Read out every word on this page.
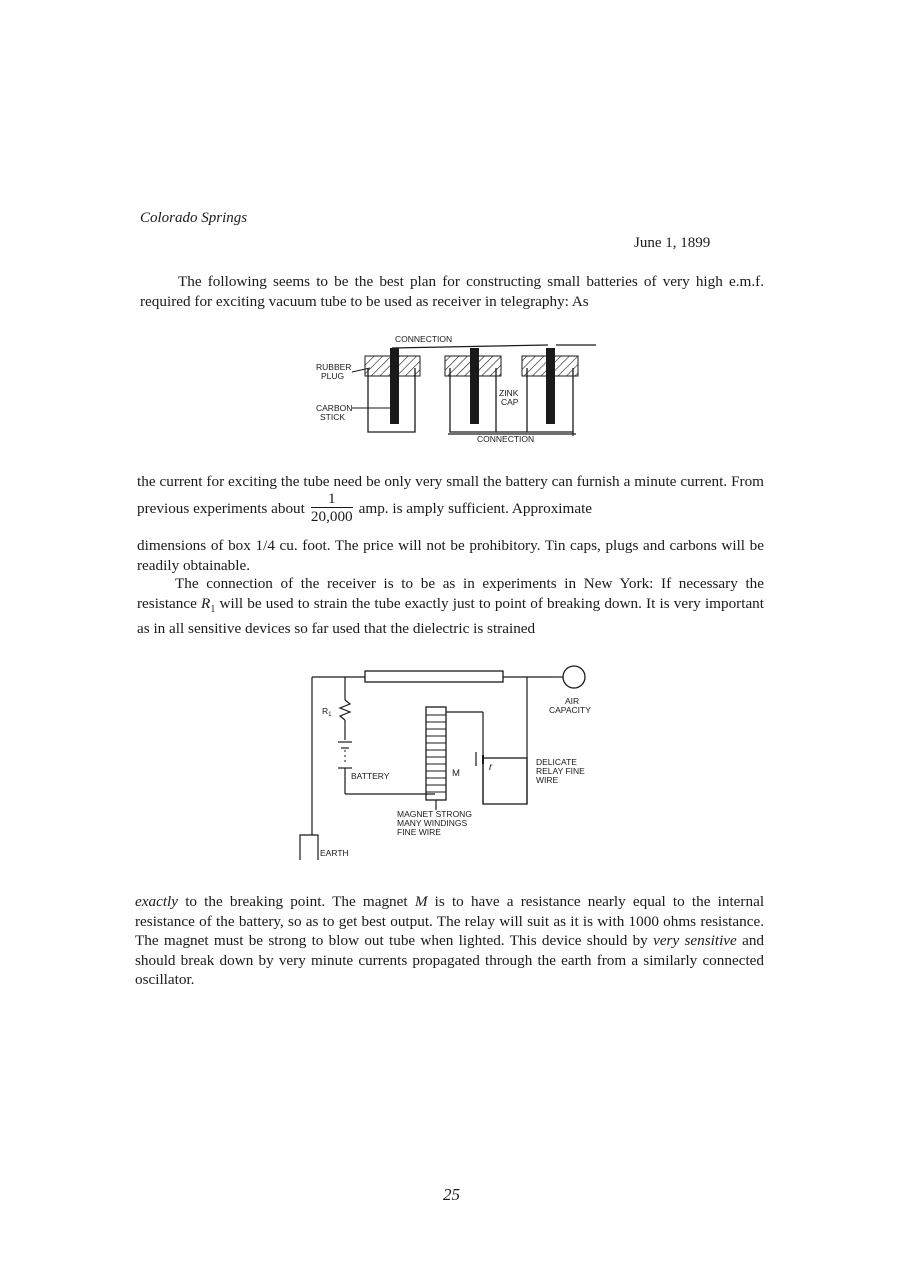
Colorado Springs
June 1, 1899
The following seems to be the best plan for constructing small batteries of very high e.m.f. required for exciting vacuum tube to be used as receiver in telegraphy: As
CONNECTION
RUBBER
PLUG
CARBON
STICK
ZINK
CAP
CONNECTION
the current for exciting the tube need be only very small the battery can furnish a minute current. From previous experiments about $\frac{1}{20,000}$ amp. is amply sufficient. Approximate
dimensions of box 1/4 cu. foot. The price will not be prohibitory. Tin caps, plugs and carbons will be readily obtainable.
The connection of the receiver is to be as in experiments in New York: If necessary the resistance $R_1$ will be used to strain the tube exactly just to point of breaking down. It is very important as in all sensitive devices so far used that the dielectric is strained
AIR
CAPACITY
EARTH
$R_1$
BATTERY	M
r	DELICATE
RELAY FINE
WIRE
MAGNET STRONG
MANY WINDINGS
FINE WIRE
exactly to the breaking point. The magnet M is to have a resistance nearly equal to the internal resistance of the battery, so as to get best output. The relay will suit as it is with 1000 ohms resistance. The magnet must be strong to blow out tube when lighted. This device should by very sensitive and should break down by very minute currents propagated through the earth from a similarly connected oscillator.
25
